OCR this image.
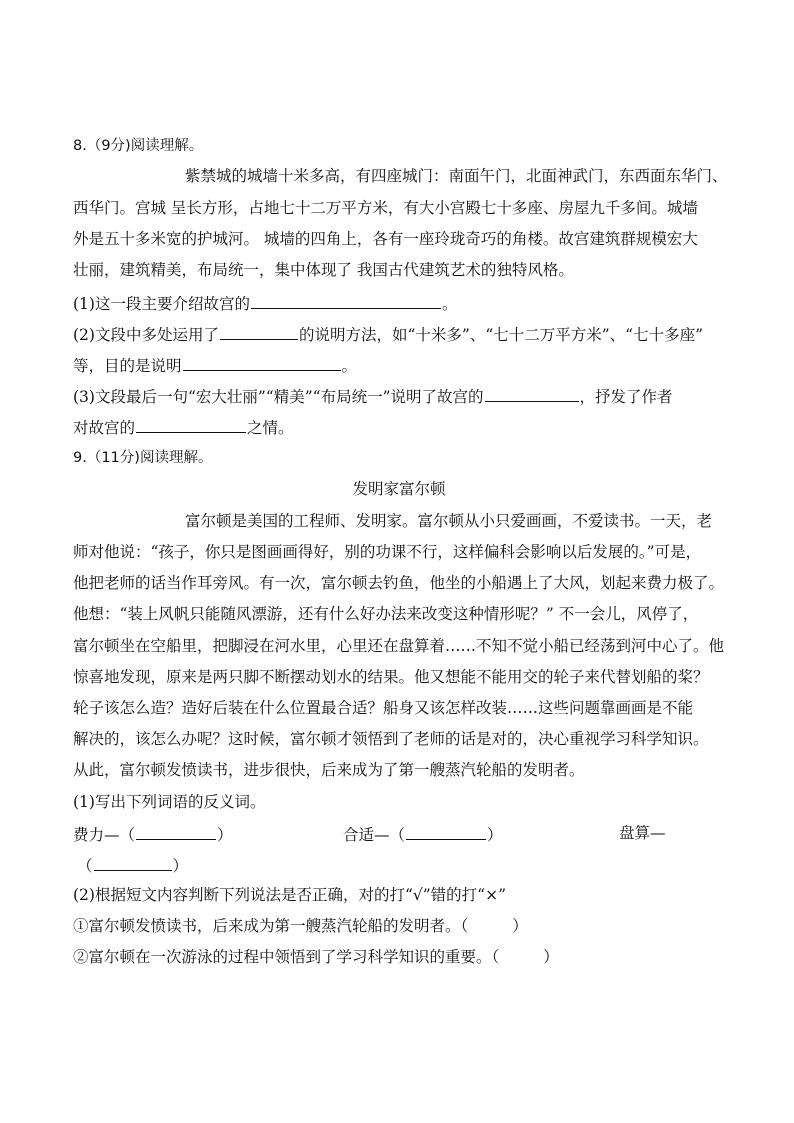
8.（9分)阅读理解。
紫禁城的城墙十米多高，有四座城门：南面午门，北面神武门，东西面东华门、
西华门。宫城 呈长方形，占地七十二万平方米，有大小宫殿七十多座、房屋九千多间。城墙
外是五十多米宽的护城河。 城墙的四角上，各有一座玲珑奇巧的角楼。故宫建筑群规模宏大
壮丽，建筑精美，布局统一，集中体现了 我国古代建筑艺术的独特风格。
(1)这一段主要介绍故宫的	。
(2)文段中多处运用了	的说明方法，如“十米多”、“七十二万平方米”、“七十多座”
等，目的是说明	。
(3)文段最后一句“宏大壮丽”“精美”“布局统一”说明了故宫的	，抒发了作者
对故宫的	之情。
9.（11分)阅读理解。
发明家富尔顿
富尔顿是美国的工程师、发明家。富尔顿从小只爱画画，不爱读书。一天，老
师对他说：“孩子，你只是图画画得好，别的功课不行，这样偏科会影响以后发展的。”可是，
他把老师的话当作耳旁风。有一次，富尔顿去钓鱼，他坐的小船遇上了大风，划起来费力极了。
他想：“装上风帆只能随风漂游，还有什么好办法来改变这种情形呢？” 不一会儿，风停了，
富尔顿坐在空船里，把脚浸在河水里，心里还在盘算着……不知不觉小船已经荡到河中心了。他
惊喜地发现，原来是两只脚不断摆动划水的结果。他又想能不能用交的轮子来代替划船的桨？
轮子该怎么造？造好后装在什么位置最合适？船身又该怎样改装……这些问题靠画画是不能
解决的，该怎么办呢？这时候，富尔顿才领悟到了老师的话是对的，决心重视学习科学知识。
从此，富尔顿发愤读书，进步很快，后来成为了第一艘蒸汽轮船的发明者。
(1)写出下列词语的反义词。
费力—（	）	合适—（	）	盘算—
（	）
(2)根据短文内容判断下列说法是否正确，对的打“√”错的打“×”
①富尔顿发愤读书，后来成为第一艘蒸汽轮船的发明者。（	）
②富尔顿在一次游泳的过程中领悟到了学习科学知识的重要。（	）
